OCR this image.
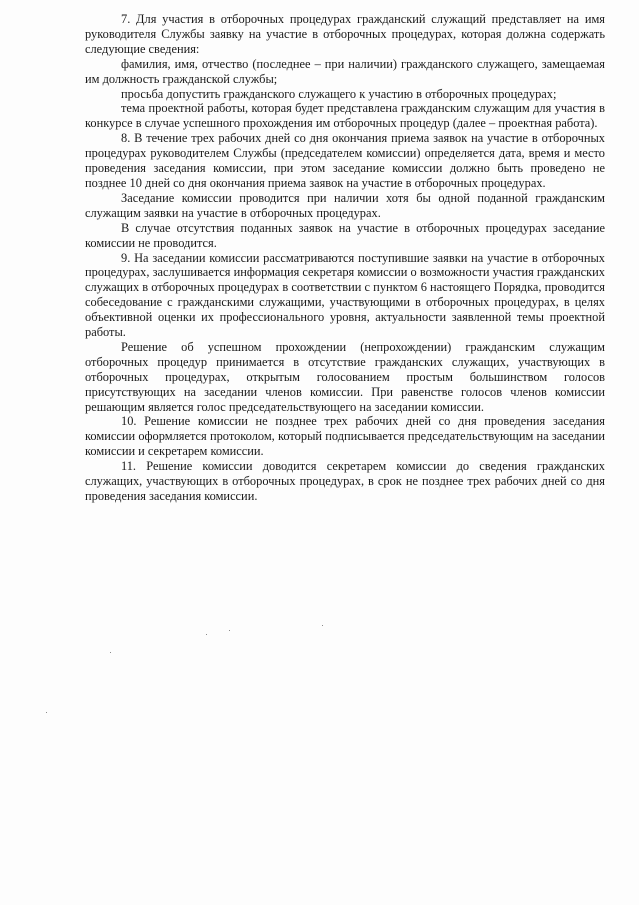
7. Для участия в отборочных процедурах гражданский служащий представляет на имя руководителя Службы заявку на участие в отборочных процедурах, которая должна содержать следующие сведения:

фамилия, имя, отчество (последнее – при наличии) гражданского служащего, замещаемая им должность гражданской службы;

просьба допустить гражданского служащего к участию в отборочных процедурах;

тема проектной работы, которая будет представлена гражданским служащим для участия в конкурсе в случае успешного прохождения им отборочных процедур (далее – проектная работа).

8. В течение трех рабочих дней со дня окончания приема заявок на участие в отборочных процедурах руководителем Службы (председателем комиссии) определяется дата, время и место проведения заседания комиссии, при этом заседание комиссии должно быть проведено не позднее 10 дней со дня окончания приема заявок на участие в отборочных процедурах.

Заседание комиссии проводится при наличии хотя бы одной поданной гражданским служащим заявки на участие в отборочных процедурах.

В случае отсутствия поданных заявок на участие в отборочных процедурах заседание комиссии не проводится.

9. На заседании комиссии рассматриваются поступившие заявки на участие в отборочных процедурах, заслушивается информация секретаря комиссии о возможности участия гражданских служащих в отборочных процедурах в соответствии с пунктом 6 настоящего Порядка, проводится собеседование с гражданскими служащими, участвующими в отборочных процедурах, в целях объективной оценки их профессионального уровня, актуальности заявленной темы проектной работы.

Решение об успешном прохождении (непрохождении) гражданским служащим отборочных процедур принимается в отсутствие гражданских служащих, участвующих в отборочных процедурах, открытым голосованием простым большинством голосов присутствующих на заседании членов комиссии. При равенстве голосов членов комиссии решающим является голос председательствующего на заседании комиссии.

10. Решение комиссии не позднее трех рабочих дней со дня проведения заседания комиссии оформляется протоколом, который подписывается председательствующим на заседании комиссии и секретарем комиссии.

11. Решение комиссии доводится секретарем комиссии до сведения гражданских служащих, участвующих в отборочных процедурах, в срок не позднее трех рабочих дней со дня проведения заседания комиссии.
